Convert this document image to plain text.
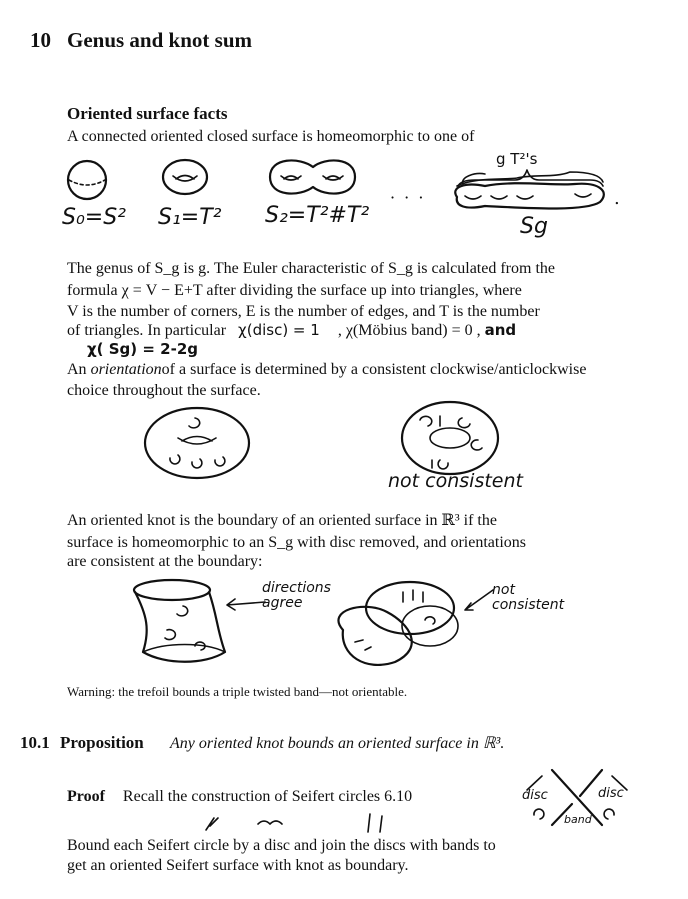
10 Genus and knot sum
Oriented surface facts
A connected oriented closed surface is homeomorphic to one of
S₀=S² S₁=T² S₂=T²#T²
· · ·
g T²'s
Sg
.
The genus of S_g is g. The Euler characteristic of S_g is calculated from the
formula χ = V − E+T after dividing the surface up into triangles, where
V is the number of corners, E is the number of edges, and T is the number
of triangles. In particular χ(disc) = 1 , χ(Möbius band) = 0 , and
χ( Sg) = 2-2g
An orientationof a surface is determined by a consistent clockwise/anticlockwise
choice throughout the surface.
not consistent
An oriented knot is the boundary of an oriented surface in ℝ³ if the
surface is homeomorphic to an S_g with disc removed, and orientations
are consistent at the boundary:
directions agree
not consistent
Warning: the trefoil bounds a triple twisted band—not orientable.
10.1 Proposition Any oriented knot bounds an oriented surface in ℝ³.
Proof Recall the construction of Seifert circles 6.10	disc	disc
band
Bound each Seifert circle by a disc and join the discs with bands to
get an oriented Seifert surface with knot as boundary.
